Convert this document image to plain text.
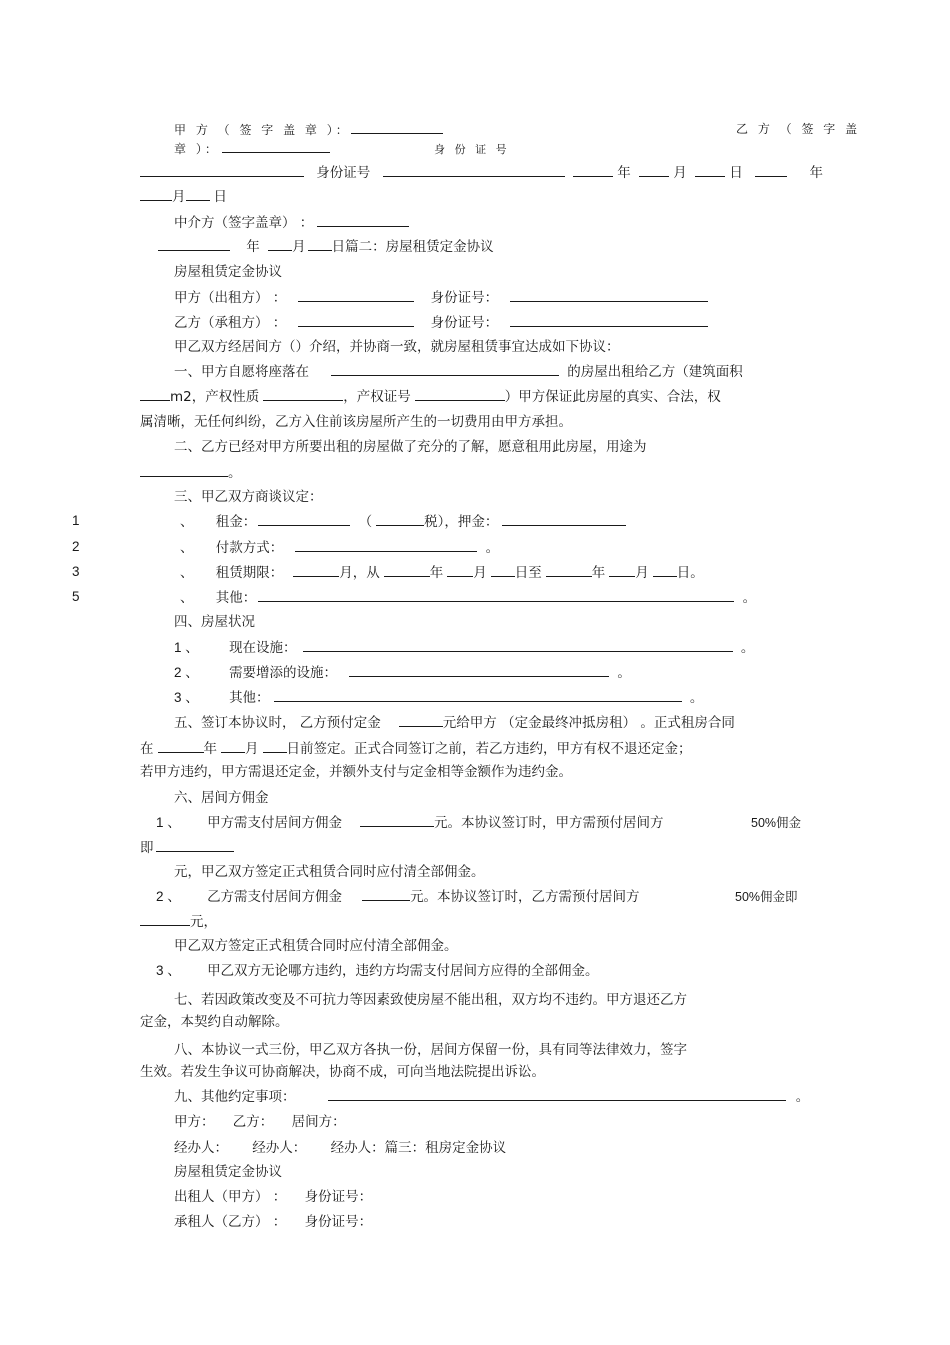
甲 方 （ 签 字 盖 章 ）：	乙 方 （ 签 字 盖
章 ）：	身 份 证 号
身份证号	年	月	日	年
月 日
中介方（签字盖章） ：
年 月 日篇二：房屋租赁定金协议
房屋租赁定金协议
甲方（出租方） ：	身份证号：
乙方（承租方） ：	身份证号：
甲乙双方经居间方（）介绍，并协商一致，就房屋租赁事宜达成如下协议：
一、甲方自愿将座落在	的房屋出租给乙方（建筑面积
m2，产权性质	，产权证号	）甲方保证此房屋的真实、合法，权
属清晰，无任何纠纷，乙方入住前该房屋所产生的一切费用由甲方承担。
二、乙方已经对甲方所要出租的房屋做了充分的了解，愿意租用此房屋，用途为
。
三、甲乙双方商谈议定：
1	、 租金：	（	税），押金：
2	、 付款方式：	。
3	、 租赁期限：	月，从	年 月 日至	年 月 日。
5	、 其他：	。
四、房屋状况
1 、 现在设施：	。
2 、 需要增添的设施：	。
3 、 其他：	。
五、签订本协议时， 乙方预付定金	元给甲方 （定金最终冲抵房租） 。正式租房合同
在	年 月 日前签定。正式合同签订之前，若乙方违约，甲方有权不退还定金；
若甲方违约，甲方需退还定金，并额外支付与定金相等金额作为违约金。
六、居间方佣金
1 、 甲方需支付居间方佣金	元。本协议签订时，甲方需预付居间方	50%佣金
即
元，甲乙双方签定正式租赁合同时应付清全部佣金。
2 、 乙方需支付居间方佣金	元。本协议签订时，乙方需预付居间方	50%佣金即
元，
甲乙双方签定正式租赁合同时应付清全部佣金。
3 、 甲乙双方无论哪方违约，违约方均需支付居间方应得的全部佣金。
七、若因政策改变及不可抗力等因素致使房屋不能出租，双方均不违约。甲方退还乙方
定金，本契约自动解除。
八、本协议一式三份，甲乙双方各执一份，居间方保留一份，具有同等法律效力，签字
生效。若发生争议可协商解决，协商不成，可向当地法院提出诉讼。
九、其他约定事项：	。
甲方： 乙方： 居间方：
经办人： 经办人： 经办人：篇三：租房定金协议
房屋租赁定金协议
出租人（甲方） ： 身份证号：
承租人（乙方） ： 身份证号：
